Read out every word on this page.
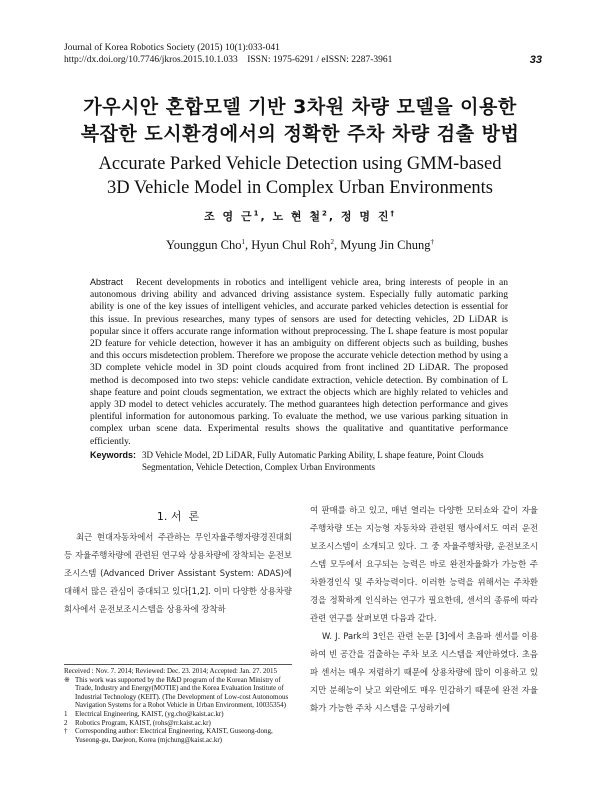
Journal of Korea Robotics Society (2015) 10(1):033-041
http://dx.doi.org/10.7746/jkros.2015.10.1.033    ISSN: 1975-6291 / eISSN: 2287-3961	33
가우시안 혼합모델 기반 3차원 차량 모델을 이용한
복잡한 도시환경에서의 정확한 주차 차량 검출 방법
Accurate Parked Vehicle Detection using GMM-based
3D Vehicle Model in Complex Urban Environments
조 영 근$^1$, 노 현 철$^2$, 정 명 진†
Younggun Cho$^1$, Hyun Chul Roh$^2$, Myung Jin Chung†
Abstract Recent developments in robotics and intelligent vehicle area, bring interests of people in an autonomous driving ability and advanced driving assistance system. Especially fully automatic parking ability is one of the key issues of intelligent vehicles, and accurate parked vehicles detection is essential for this issue. In previous researches, many types of sensors are used for detecting vehicles, 2D LiDAR is popular since it offers accurate range information without preprocessing. The L shape feature is most popular 2D feature for vehicle detection, however it has an ambiguity on different objects such as building, bushes and this occurs misdetection problem. Therefore we propose the accurate vehicle detection method by using a 3D complete vehicle model in 3D point clouds acquired from front inclined 2D LiDAR. The proposed method is decomposed into two steps: vehicle candidate extraction, vehicle detection. By combination of L shape feature and point clouds segmentation, we extract the objects which are highly related to vehicles and apply 3D model to detect vehicles accurately. The method guarantees high detection performance and gives plentiful information for autonomous parking. To evaluate the method, we use various parking situation in complex urban scene data. Experimental results shows the qualitative and quantitative performance efficiently.
Keywords: 3D Vehicle Model, 2D LiDAR, Fully Automatic Parking Ability, L shape feature, Point Clouds Segmentation, Vehicle Detection, Complex Urban Environments
1. 서  론

최근 현대자동차에서 주관하는 무인자율주행자량경진대회 등 자율주행차량에 관련된 연구와 상용차량에 장착되는 운전보조시스템 (Advanced Driver Assistant System: ADAS)에 대해서 많은 관심이 증대되고 있다[1,2]. 이미 다양한 상용차량 회사에서 운전보조시스템을 상용차에 장착하

여 판매를 하고 있고, 매년 열리는 다양한 모터쇼와 같이 자율주행차량 또는 지능형 자동차와 관련된 행사에서도 여러 운전보조시스템이 소개되고 있다. 그 중 자율주행차량, 운전보조시스템 모두에서 요구되는 능력은 바로 완전자율화가 가능한 주차환경인식 및 주차능력이다. 이러한 능력을 위해서는 주차환경을 정확하게 인식하는 연구가 필요한데, 센서의 종류에 따라 관련 연구를 살펴보면 다음과 같다.

W. J. Park의 3인은 관련 논문 [3]에서 초음파 센서를 이용하여 빈 공간을 검출하는 주차 보조 시스템을 제안하였다. 초음파 센서는 매우 저렴하기 때문에 상용차량에 많이 이용하고 있지만 분해능이 낮고 외란에도 매우 민감하기 때문에 완전 자율화가 가능한 주차 시스템을 구성하기에

Received : Nov. 7. 2014; Reviewed: Dec. 23. 2014; Accepted: Jan. 27. 2015
※ This work was supported by the R&D program of the Korean Ministry of Trade, Industry and Energy(MOTIE) and the Korea Evaluation Institute of Industrial Technology (KEIT). (The Development of Low-cost Autonomous Navigation Systems for a Robot Vehicle in Urban Environment, 10035354)
1	Electrical Engineering, KAIST, (yg.cho@kaist.ac.kr)
2	Robotics Program, KAIST, (rohs@rr.kaist.ac.kr)
†	Corresponding author: Electrical Engineering, KAIST, Guseong-dong, Yuseong-gu, Daejeon, Korea (mjchung@kaist.ac.kr)
